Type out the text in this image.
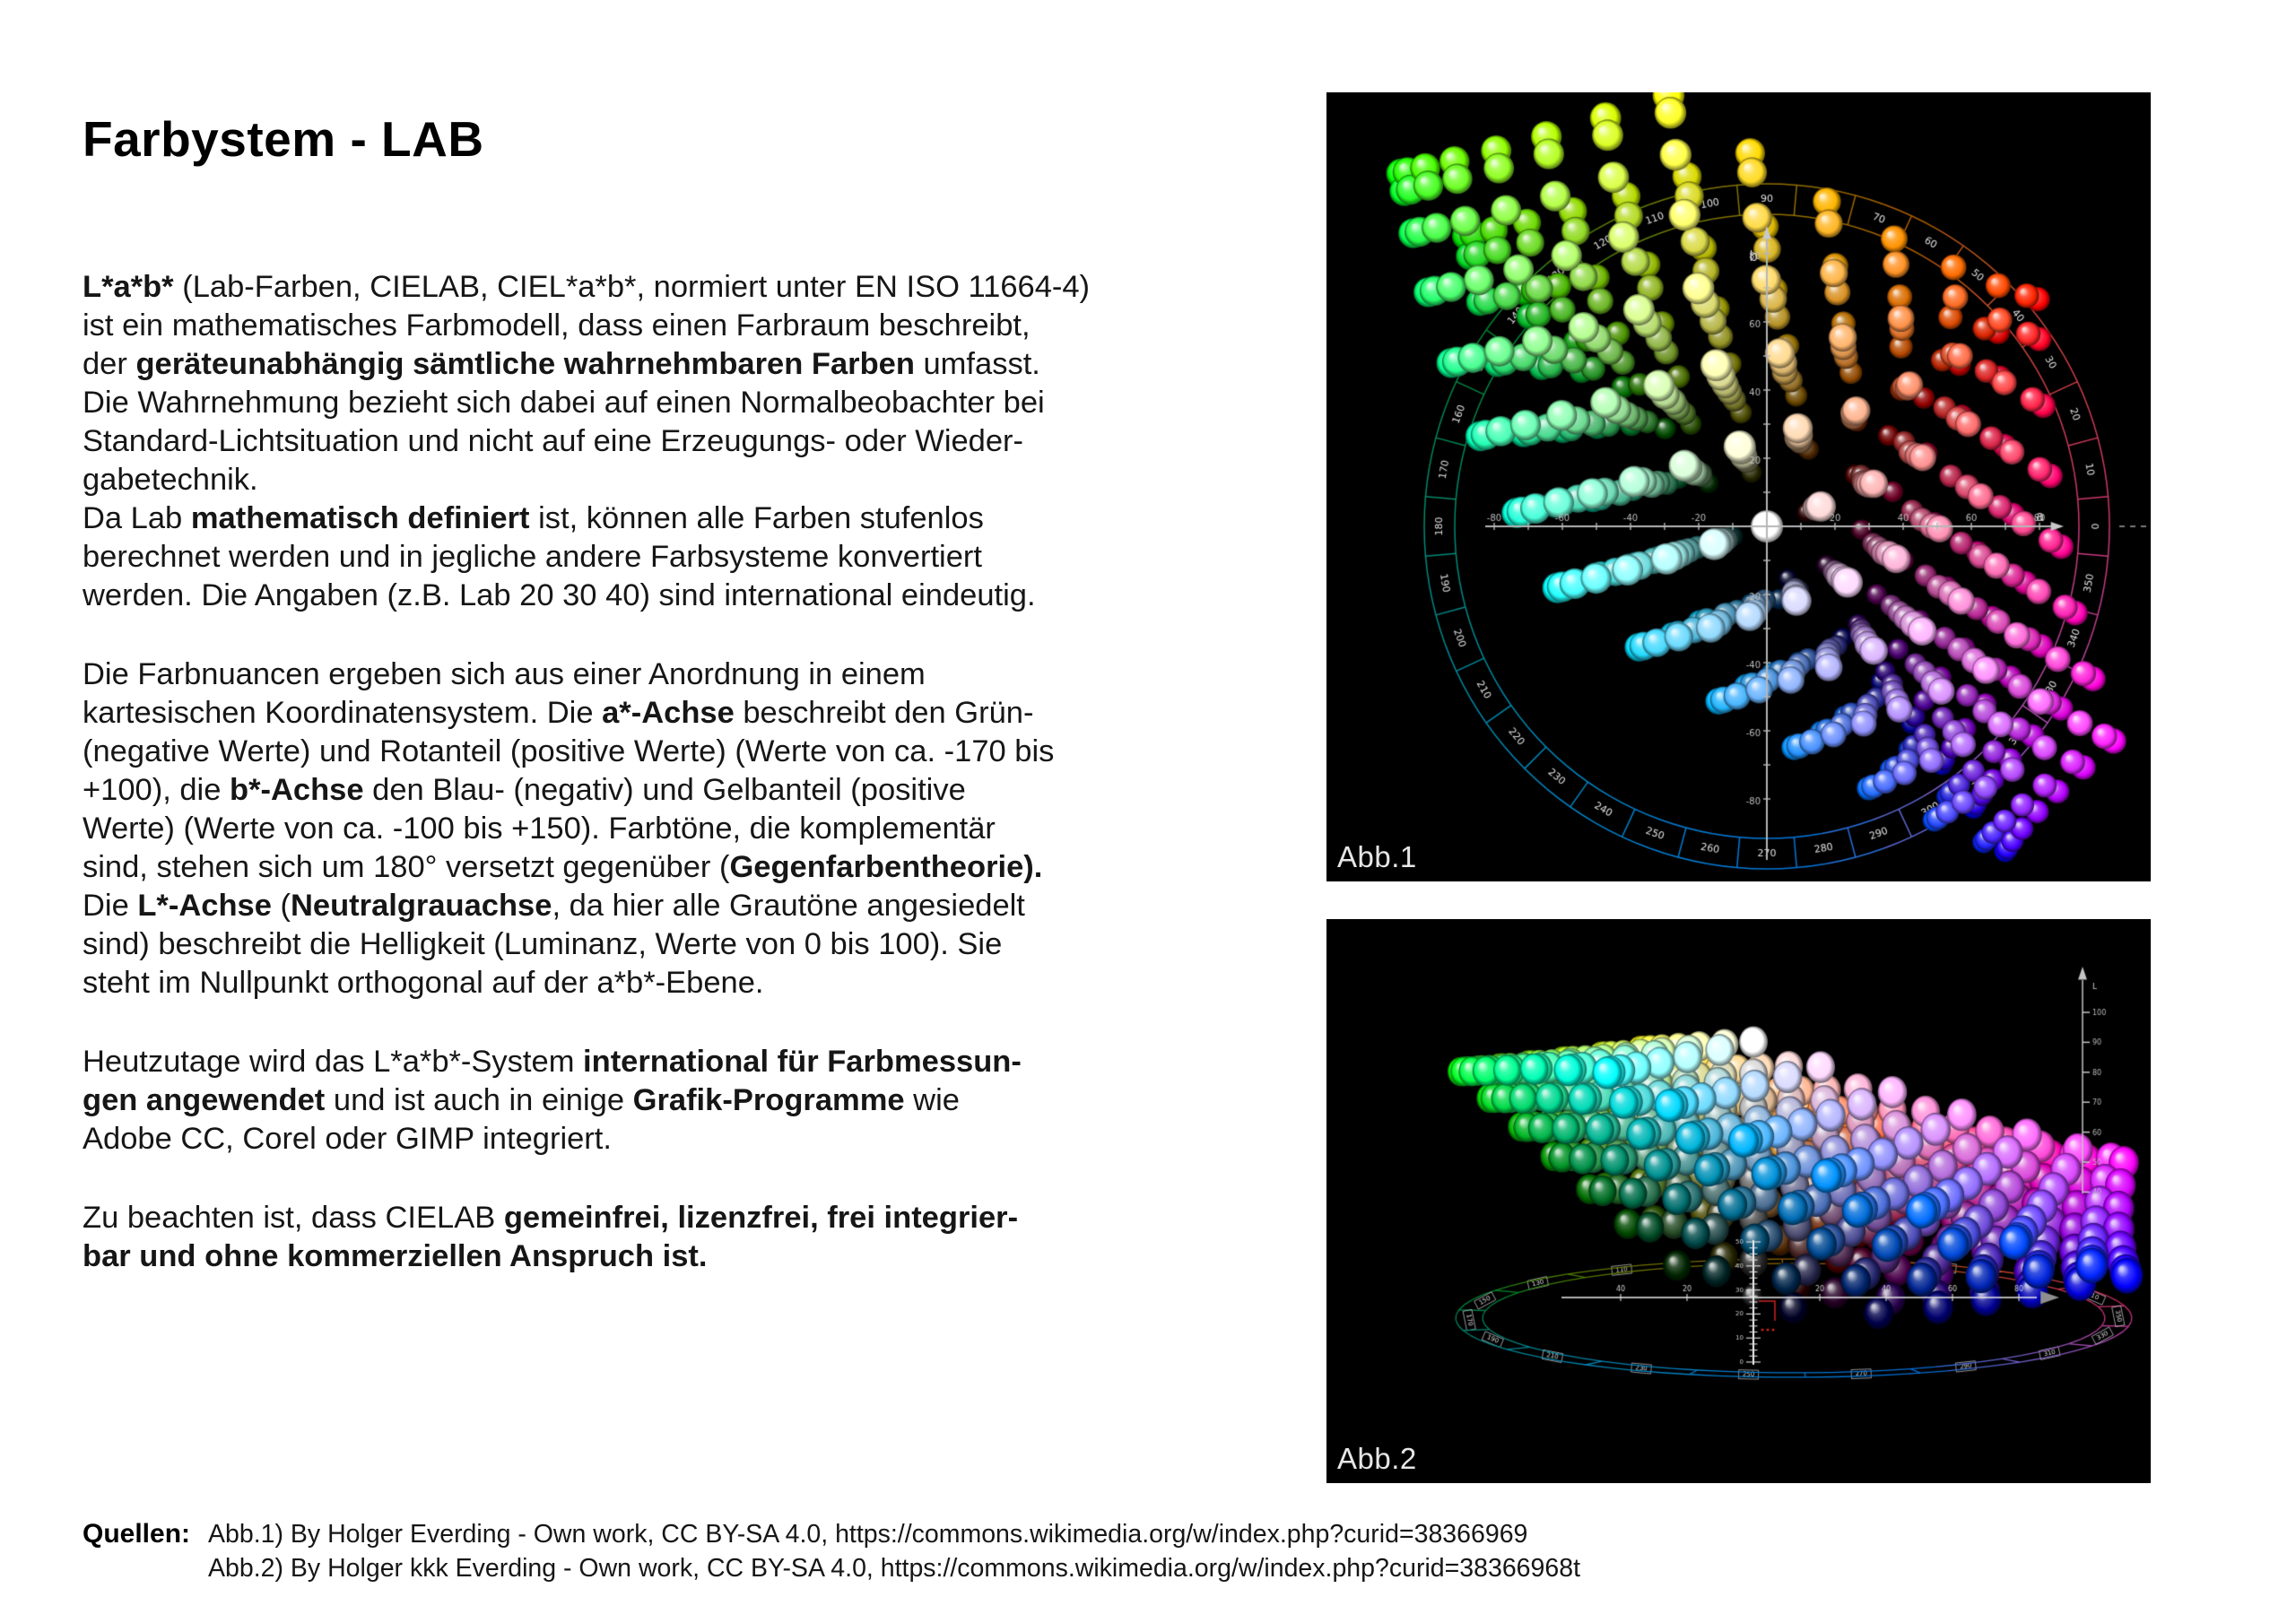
Farbystem - LAB

L*a*b* (Lab-Farben, CIELAB, CIEL*a*b*, normiert unter EN ISO 11664-4)
ist ein mathematisches Farbmodell, dass einen Farbraum beschreibt,
der geräteunabhängig sämtliche wahrnehmbaren Farben umfasst.
Die Wahrnehmung bezieht sich dabei auf einen Normalbeobachter bei
Standard-Lichtsituation und nicht auf eine Erzeugungs- oder Wieder-
gabetechnik.
Da Lab mathematisch definiert ist, können alle Farben stufenlos
berechnet werden und in jegliche andere Farbsysteme konvertiert
werden. Die Angaben (z.B. Lab 20 30 40) sind international eindeutig.

Die Farbnuancen ergeben sich aus einer Anordnung in einem
kartesischen Koordinatensystem. Die a*-Achse beschreibt den Grün-
(negative Werte) und Rotanteil (positive Werte) (Werte von ca. -170 bis
+100), die b*-Achse den Blau- (negativ) und Gelbanteil (positive
Werte) (Werte von ca. -100 bis +150). Farbtöne, die komplementär
sind, stehen sich um 180° versetzt gegenüber (Gegenfarbentheorie).
Die L*-Achse (Neutralgrauachse, da hier alle Grautöne angesiedelt
sind) beschreibt die Helligkeit (Luminanz, Werte von 0 bis 100). Sie
steht im Nullpunkt orthogonal auf der a*b*-Ebene.

Heutzutage wird das L*a*b*-System international für Farbmessun-
gen angewendet und ist auch in einige Grafik-Programme wie
Adobe CC, Corel oder GIMP integriert.

Zu beachten ist, dass CIELAB gemeinfrei, lizenzfrei, frei integrier-
bar und ohne kommerziellen Anspruch ist.

Abb.1
Abb.2
Quellen: Abb.1) By Holger Everding - Own work, CC BY-SA 4.0, https://commons.wikimedia.org/w/index.php?curid=38366969
Abb.2) By Holger kkk Everding - Own work, CC BY-SA 4.0, https://commons.wikimedia.org/w/index.php?curid=38366968t
